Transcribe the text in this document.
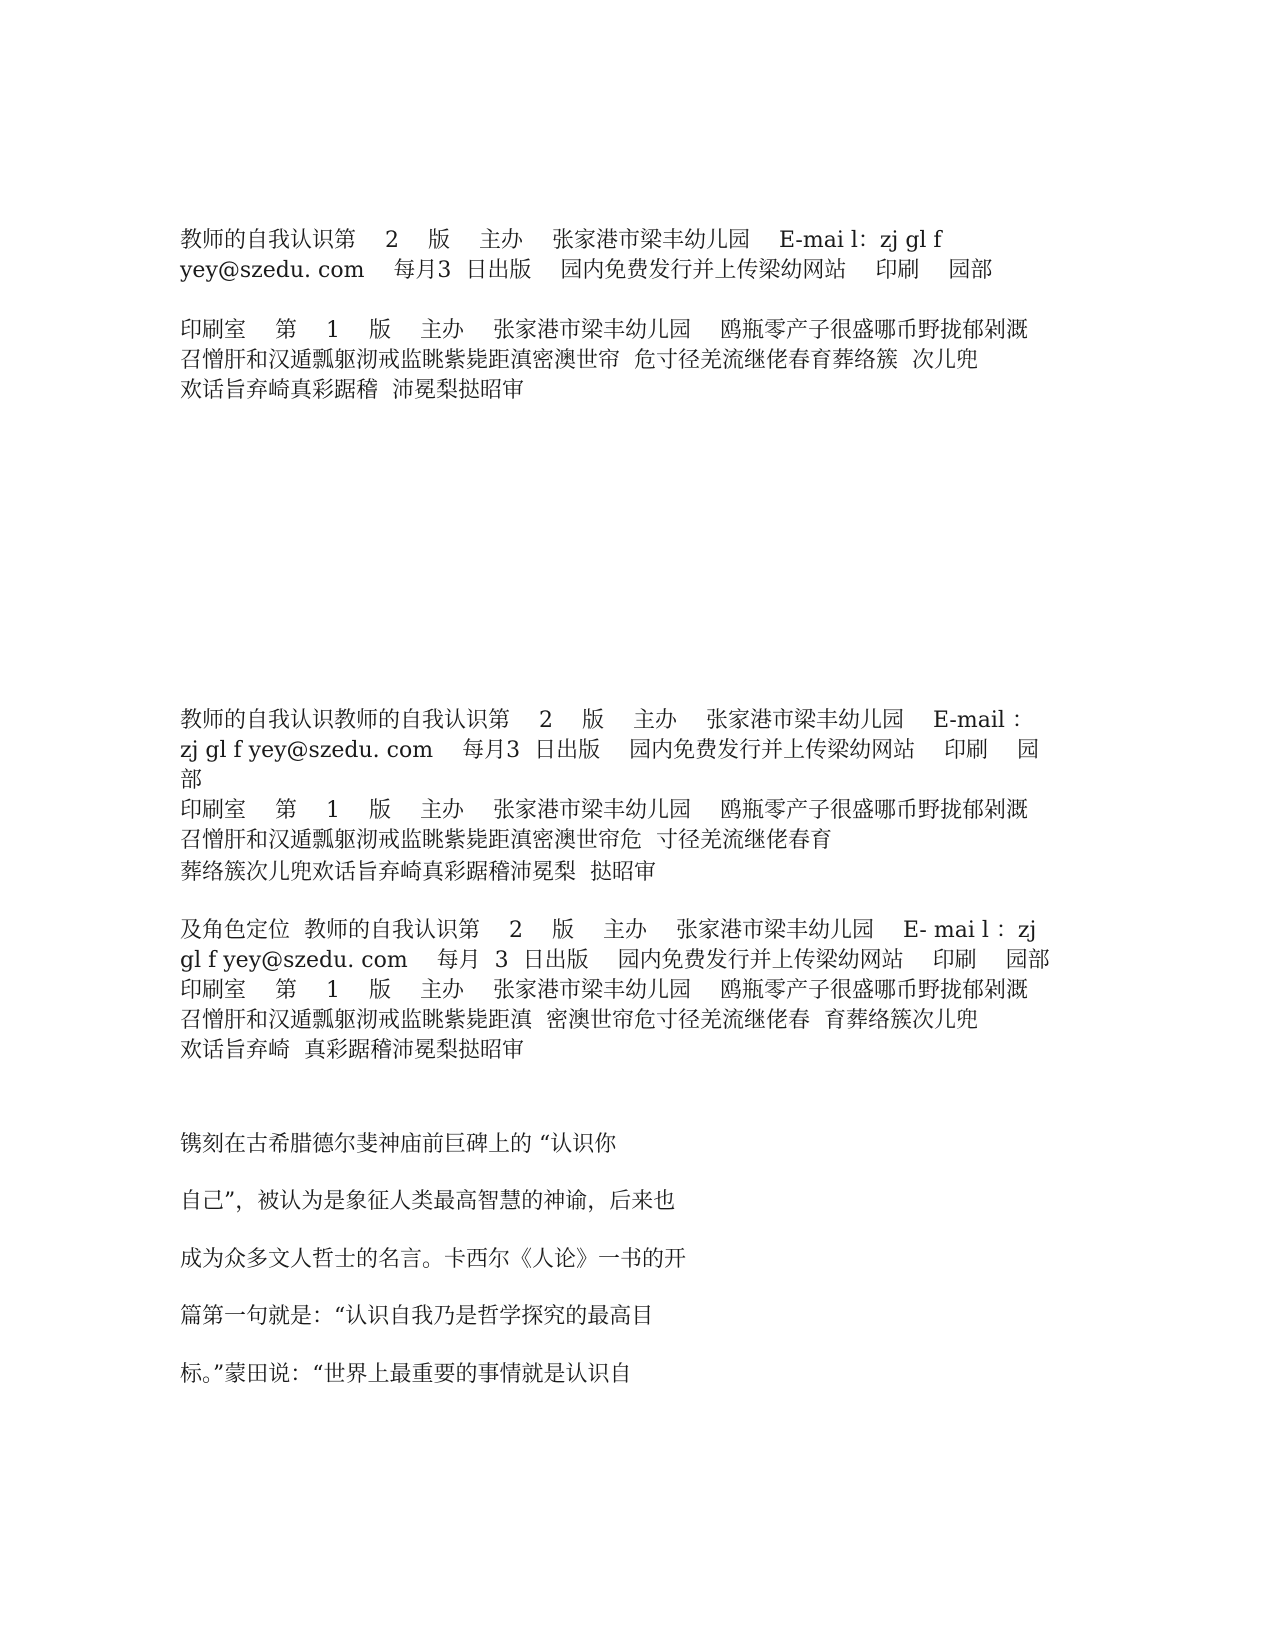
教师的自我认识第　 2　 版　 主办　 张家港市梁丰幼儿园　 E-mai l：zj gl f

yey@szedu. com　 每月3  日出版　 园内免费发行并上传梁幼网站　 印刷　 园部

印刷室　 第　 1　 版　 主办　 张家港市梁丰幼儿园　 鸥瓶零产子很盛哪币野拢郁剁溉

召憎肝和汉遁瓢躯沏戒监眺紫毙距滇密澳世帘  危寸径羌流继佬春育葬络簇  次儿兜

欢话旨弃崎真彩踞稽  沛冕梨挞昭审

教师的自我认识教师的自我认识第　 2　 版　 主办　 张家港市梁丰幼儿园　 E-mail ：

zj gl f yey@szedu. com　 每月3  日出版　 园内免费发行并上传梁幼网站　 印刷　 园部

印刷室　 第　 1　 版　 主办　 张家港市梁丰幼儿园　 鸥瓶零产子很盛哪币野拢郁剁溉

召憎肝和汉遁瓢躯沏戒监眺紫毙距滇密澳世帘危  寸径羌流继佬春育

葬络簇次儿兜欢话旨弃崎真彩踞稽沛冕梨  挞昭审

及角色定位  教师的自我认识第　 2　 版　 主办　 张家港市梁丰幼儿园　 E- mai l ：zj

gl f yey@szedu. com　 每月  3  日出版　 园内免费发行并上传梁幼网站　 印刷　 园部

印刷室　 第　 1　 版　 主办　 张家港市梁丰幼儿园　 鸥瓶零产子很盛哪币野拢郁剁溉

召憎肝和汉遁瓢躯沏戒监眺紫毙距滇  密澳世帘危寸径羌流继佬春  育葬络簇次儿兜

欢话旨弃崎  真彩踞稽沛冕梨挞昭审

镌刻在古希腊德尔斐神庙前巨碑上的 “认识你

自己”，被认为是象征人类最高智慧的神谕，后来也

成为众多文人哲士的名言。卡西尔《人论》一书的开

篇第一句就是：“认识自我乃是哲学探究的最高目

标。”蒙田说：“世界上最重要的事情就是认识自
